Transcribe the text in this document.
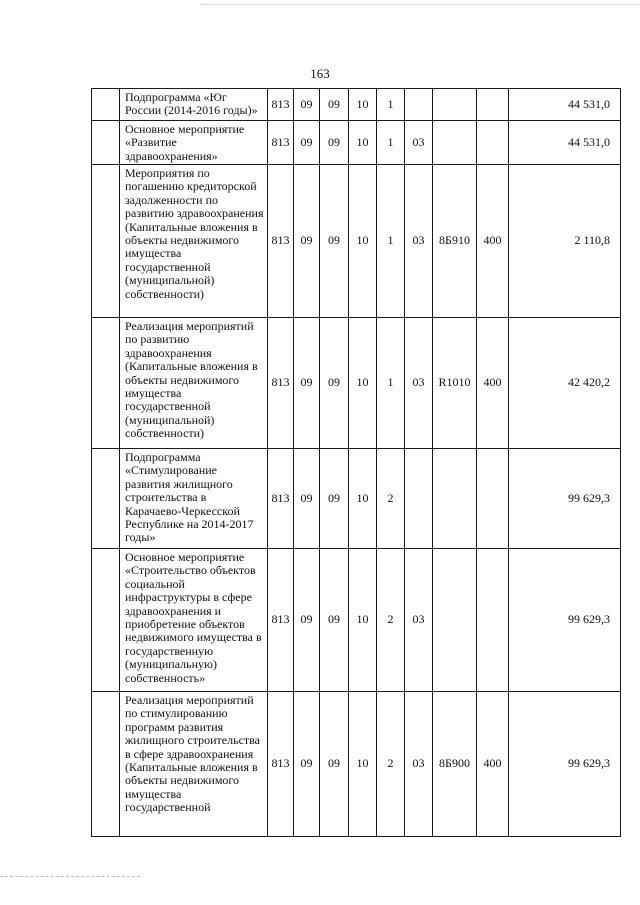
163
	Подпрограмма «Юг России (2014-2016 годы)»	813	09	09	10	1				44 531,0
	Основное мероприятие «Развитие здравоохранения»	813	09	09	10	1	03			44 531,0
	Мероприятия по погашению кредиторской задолженности по развитию здравоохранения (Капитальные вложения в объекты недвижимого имущества государственной (муниципальной) собственности)	813	09	09	10	1	03	8Б910	400	2 110,8
	Реализация мероприятий по развитию здравоохранения (Капитальные вложения в объекты недвижимого имущества государственной (муниципальной) собственности)	813	09	09	10	1	03	R1010	400	42 420,2
	Подпрограмма «Стимулирование развития жилищного строительства в Карачаево-Черкесской Республике на 2014-2017 годы»	813	09	09	10	2				99 629,3
	Основное мероприятие «Строительство объектов социальной инфраструктуры в сфере здравоохранения и приобретение объектов недвижимого имущества в государственную (муниципальную) собственность»	813	09	09	10	2	03			99 629,3
	Реализация мероприятий по стимулированию программ развития жилищного строительства в сфере здравоохранения (Капитальные вложения в объекты недвижимого имущества государственной	813	09	09	10	2	03	8Б900	400	99 629,3
